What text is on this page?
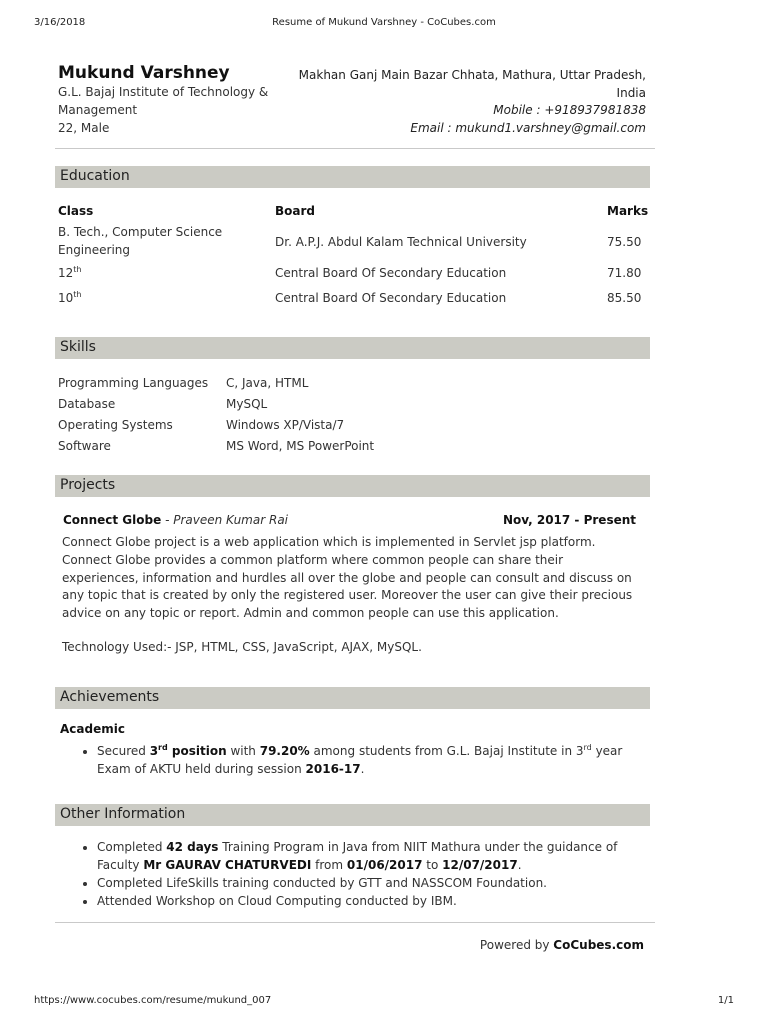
3/16/2018	Resume of Mukund Varshney - CoCubes.com
Mukund Varshney
G.L. Bajaj Institute of Technology &
Management
22, Male
Makhan Ganj Main Bazar Chhata, Mathura, Uttar Pradesh,
India
Mobile : +918937981838
Email : mukund1.varshney@gmail.com
Education
Class	Board	Marks
B. Tech., Computer Science
Engineering
Dr. A.P.J. Abdul Kalam Technical University	75.50
12th	Central Board Of Secondary Education	71.80
10th	Central Board Of Secondary Education	85.50
Skills
Programming Languages C, Java, HTML
Database	MySQL
Operating Systems	Windows XP/Vista/7
Software	MS Word, MS PowerPoint
Projects
Connect Globe - Praveen Kumar Rai	Nov, 2017 - Present
Connect Globe project is a web application which is implemented in Servlet jsp platform. Connect Globe provides a common platform where common people can share their experiences, information and hurdles all over the globe and people can consult and discuss on any topic that is created by only the registered user. Moreover the user can give their precious advice on any topic or report. Admin and common people can use this application.
Technology Used:- JSP, HTML, CSS, JavaScript, AJAX, MySQL.
Achievements
Academic
• Secured 3rd position with 79.20% among students from G.L. Bajaj Institute in 3rd year Exam of AKTU held during session 2016-17.
Other Information
• Completed 42 days Training Program in Java from NIIT Mathura under the guidance of Faculty Mr GAURAV CHATURVEDI from 01/06/2017 to 12/07/2017.
• Completed LifeSkills training conducted by GTT and NASSCOM Foundation.
• Attended Workshop on Cloud Computing conducted by IBM.
Powered by CoCubes.com
https://www.cocubes.com/resume/mukund_007	1/1
